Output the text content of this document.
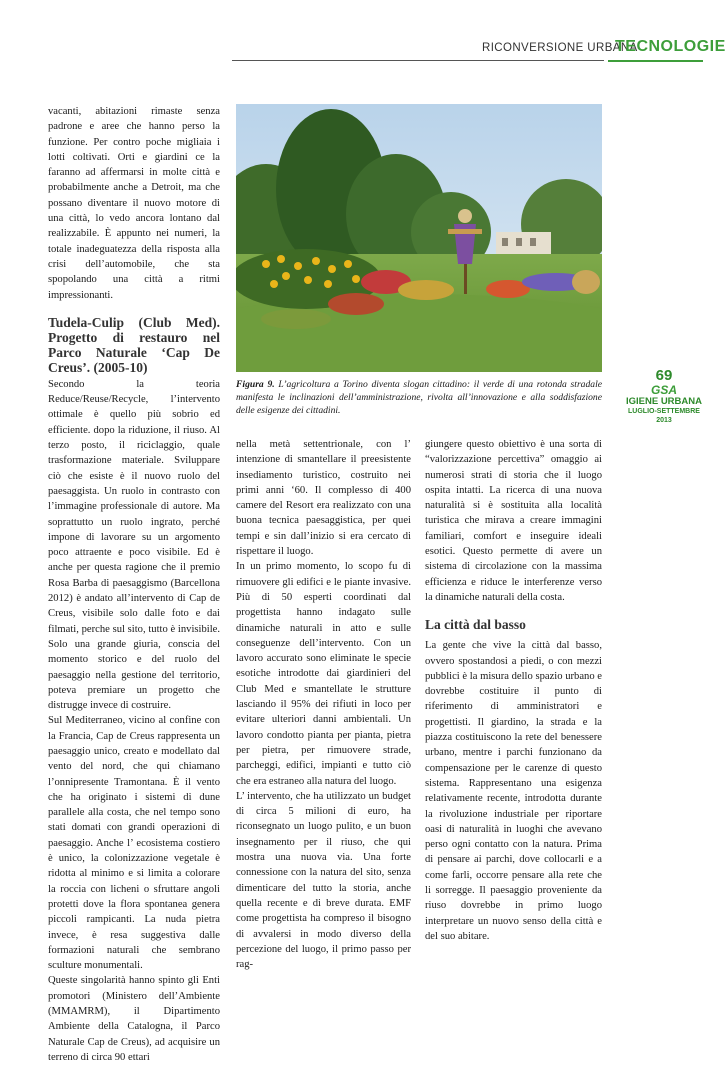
RICONVERSIONE URBANA
TECNOLOGIE

vacanti, abitazioni rimaste senza padrone e aree che hanno perso la funzione. Per contro poche migliaia i lotti coltivati. Orti e giardini ce la faranno ad affermarsi in molte città e probabilmente anche a Detroit, ma che possano diventare il nuovo motore di una città, lo vedo ancora lontano dal realizzabile. È appunto nei numeri, la totale inadeguatezza della risposta alla crisi dell’automobile, che sta spopolando una città a ritmi impressionanti.

Tudela-Culip (Club Med). Progetto di restauro nel Parco Naturale ‘Cap De Creus’. (2005-10)

Secondo la teoria Reduce/Reuse/Recycle, l’intervento ottimale è quello più sobrio ed efficiente. dopo la riduzione, il riuso. Al terzo posto, il riciclaggio, quale trasformazione materiale. Sviluppare ciò che esiste è il nuovo ruolo del paesaggista. Un ruolo in contrasto con l’immagine professionale di autore. Ma soprattutto un ruolo ingrato, perché impone di lavorare su un argomento poco attraente e poco visibile. Ed è anche per questa ragione che il premio Rosa Barba di paesaggismo (Barcellona 2012) è andato all’intervento di Cap de Creus, visibile solo dalle foto e dai filmati, perche sul sito, tutto è invisibile. Solo una grande giuria, conscia del momento storico e del ruolo del paesaggio nella gestione del territorio, poteva premiare un progetto che distrugge invece di costruire.

Sul Mediterraneo, vicino al confine con la Francia, Cap de Creus rappresenta un paesaggio unico, creato e modellato dal vento del nord, che qui chiamano l’onnipresente Tramontana. È il vento che ha originato i sistemi di dune parallele alla costa, che nel tempo sono stati domati con grandi operazioni di paesaggio. Anche l’ ecosistema costiero è unico, la colonizzazione vegetale è ridotta al minimo e si limita a colorare la roccia con licheni o sfruttare angoli protetti dove la flora spontanea genera piccoli rampicanti. La nuda pietra invece, è resa suggestiva dalle formazioni naturali che sembrano sculture monumentali.

Queste singolarità hanno spinto gli Enti promotori (Ministero dell’Ambiente (MMAMRM), il Dipartimento Ambiente della Catalogna, il Parco Naturale Cap de Creus), ad acquisire un terreno di circa 90 ettari

Figura 9. L’agricoltura a Torino diventa slogan cittadino: il verde di una rotonda stradale manifesta le inclinazioni dell’amministrazione, rivolta all’innovazione e alla soddisfazione delle esigenze dei cittadini.
69
GSA
IGIENE URBANA
LUGLIO-SETTEMBRE 2013

nella metà settentrionale, con l’ intenzione di smantellare il preesistente insediamento turistico, costruito nei primi anni ‘60. Il complesso di 400 camere del Resort era realizzato con una buona tecnica paesaggistica, per quei tempi e sin dall’inizio si era cercato di rispettare il luogo.

In un primo momento, lo scopo fu di rimuovere gli edifici e le piante invasive. Più di 50 esperti coordinati dal progettista hanno indagato sulle dinamiche naturali in atto e sulle conseguenze dell’intervento. Con un lavoro accurato sono eliminate le specie esotiche introdotte dai giardinieri del Club Med e smantellate le strutture lasciando il 95% dei rifiuti in loco per evitare ulteriori danni ambientali. Un lavoro condotto pianta per pianta, pietra per pietra, per rimuovere strade, parcheggi, edifici, impianti e tutto ciò che era estraneo alla natura del luogo.

L’ intervento, che ha utilizzato un budget di circa 5 milioni di euro, ha riconsegnato un luogo pulito, e un buon insegnamento per il riuso, che qui mostra una nuova via. Una forte connessione con la natura del sito, senza dimenticare del tutto la storia, anche quella recente e di breve durata. EMF come progettista ha compreso il bisogno di avvalersi in modo diverso della percezione del luogo, il primo passo per rag-

giungere questo obiettivo è una sorta di “valorizzazione percettiva” omaggio ai numerosi strati di storia che il luogo ospita intatti. La ricerca di una nuova naturalità si è sostituita alla località turistica che mirava a creare immagini familiari, comfort e inseguire ideali esotici. Questo permette di avere un sistema di circolazione con la massima efficienza e riduce le interferenze verso la dinamiche naturali della costa.

La città dal basso

La gente che vive la città dal basso, ovvero spostandosi a piedi, o con mezzi pubblici è la misura dello spazio urbano e dovrebbe costituire il punto di riferimento di amministratori e progettisti. Il giardino, la strada e la piazza costituiscono la rete del benessere urbano, mentre i parchi funzionano da compensazione per le carenze di questo sistema. Rappresentano una esigenza relativamente recente, introdotta durante la rivoluzione industriale per riportare oasi di naturalità in luoghi che avevano perso ogni contatto con la natura. Prima di pensare ai parchi, dove collocarli e a come farli, occorre pensare alla rete che li sorregge. Il paesaggio proveniente da riuso dovrebbe in primo luogo interpretare un nuovo senso della città e del suo abitare.
